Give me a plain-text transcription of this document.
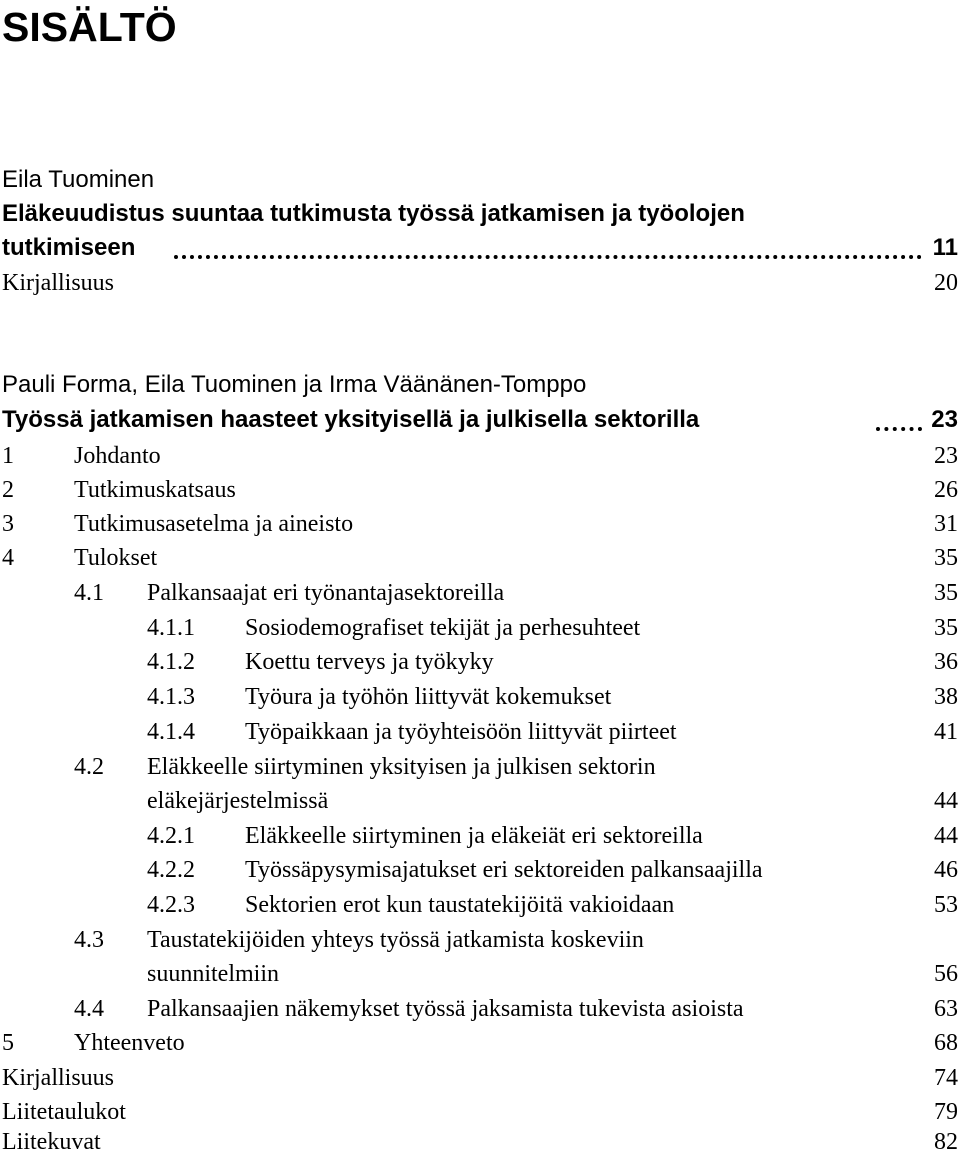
SISÄLTÖ
Eila Tuominen
Eläkeuudistus suuntaa tutkimusta työssä jatkamisen ja työolojen
tutkimiseen	11
Kirjallisuus	20
Pauli Forma, Eila Tuominen ja Irma Väänänen-Tomppo
Työssä jatkamisen haasteet yksityisellä ja julkisella sektorilla	23
1	Johdanto	23
2	Tutkimuskatsaus	26
3	Tutkimusasetelma ja aineisto	31
4	Tulokset	35
4.1 Palkansaajat eri työnantajasektoreilla	35
4.1.1 Sosiodemografiset tekijät ja perhesuhteet	35
4.1.2 Koettu terveys ja työkyky	36
4.1.3 Työura ja työhön liittyvät kokemukset	38
4.1.4 Työpaikkaan ja työyhteisöön liittyvät piirteet	41
4.2 Eläkkeelle siirtyminen yksityisen ja julkisen sektorin
eläkejärjestelmissä	44
4.2.1 Eläkkeelle siirtyminen ja eläkeiät eri sektoreilla	44
4.2.2 Työssäpysymisajatukset eri sektoreiden palkansaajilla	46
4.2.3 Sektorien erot kun taustatekijöitä vakioidaan	53
4.3 Taustatekijöiden yhteys työssä jatkamista koskeviin
suunnitelmiin	56
4.4 Palkansaajien näkemykset työssä jaksamista tukevista asioista	63
5	Yhteenveto	68
Kirjallisuus	74
Liitetaulukot	79
Liitekuvat	82
